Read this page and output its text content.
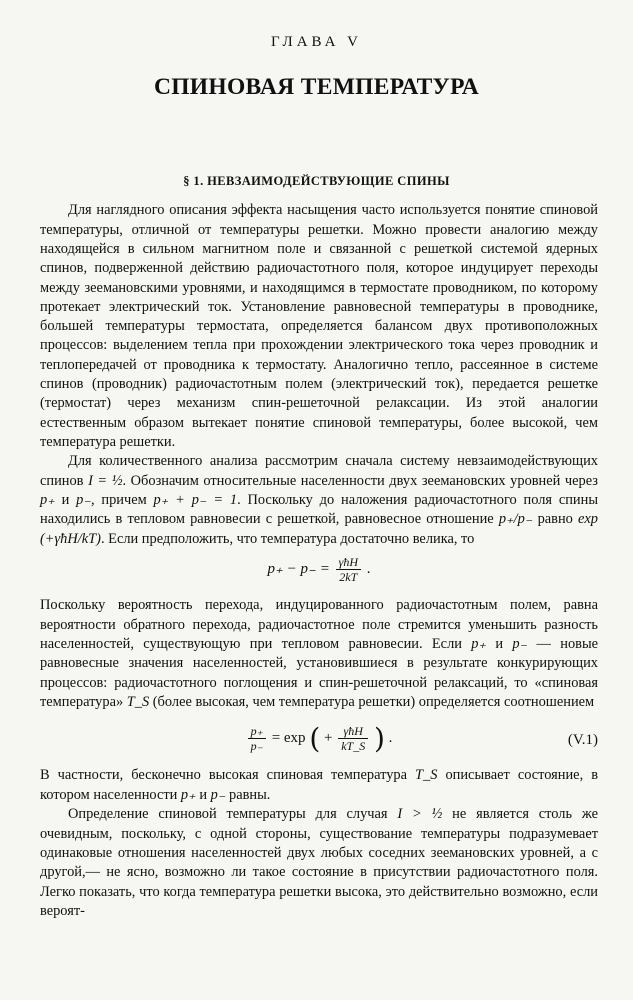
ГЛАВА V
СПИНОВАЯ ТЕМПЕРАТУРА
§ 1. НЕВЗАИМОДЕЙСТВУЮЩИЕ СПИНЫ

Для наглядного описания эффекта насыщения часто используется понятие спиновой температуры, отличной от температуры решетки. Можно провести аналогию между находящейся в сильном магнитном поле и связанной с решеткой системой ядерных спинов, подверженной действию радиочастотного поля, которое индуцирует переходы между зеемановскими уровнями, и находящимся в термостате проводником, по которому протекает электрический ток. Установление равновесной температуры в проводнике, большей температуры термостата, определяется балансом двух противоположных процессов: выделением тепла при прохождении электрического тока через проводник и теплопередачей от проводника к термостату. Аналогично тепло, рассеянное в системе спинов (проводник) радиочастотным полем (электрический ток), передается решетке (термостат) через механизм спин-решеточной релаксации. Из этой аналогии естественным образом вытекает понятие спиновой температуры, более высокой, чем температура решетки.

Для количественного анализа рассмотрим сначала систему невзаимодействующих спинов I = ½. Обозначим относительные населенности двух зеемановских уровней через p₊ и p₋, причем p₊ + p₋ = 1. Поскольку до наложения радиочастотного поля спины находились в тепловом равновесии с решеткой, равновесное отношение p₊/p₋ равно exp (+γħH/kT). Если предположить, что температура достаточно велика, то

$p_+ - p_- = \frac{\text{γħH}}{2kT}$ .

Поскольку вероятность перехода, индуцированного радиочастотным полем, равна вероятности обратного перехода, радиочастотное поле стремится уменьшить разность населенностей, существующую при тепловом равновесии. Если p₊ и p₋ — новые равновесные значения населенностей, установившиеся в результате конкурирующих процессов: радиочастотного поглощения и спин-решеточной релаксаций, то «спиновая температура» T_S (более высокая, чем температура решетки) определяется соотношением

$\frac{p_+}{p_-} = \exp$ ( + $\frac{\text{γħH}}{kT\_S}$ ) .	(V.1)

В частности, бесконечно высокая спиновая температура T_S описывает состояние, в котором населенности p₊ и p₋ равны.

Определение спиновой температуры для случая I > ½ не является столь же очевидным, поскольку, с одной стороны, существование температуры подразумевает одинаковые отношения населенностей двух любых соседних зеемановских уровней, а с другой,— не ясно, возможно ли такое состояние в присутствии радиочастотного поля. Легко показать, что когда температура решетки высока, это действительно возможно, если вероят-
